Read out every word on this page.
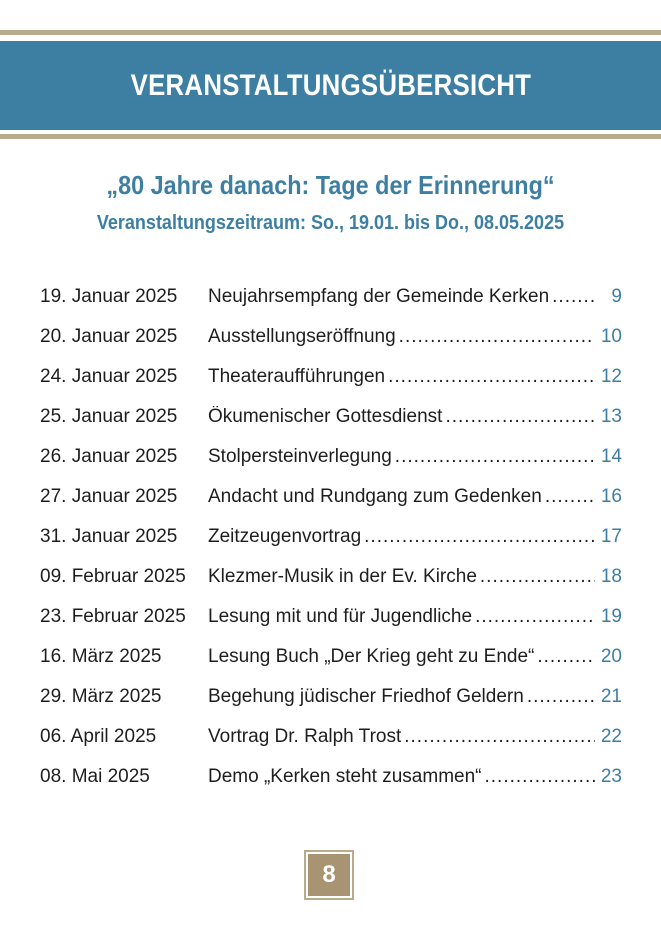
VERANSTALTUNGSÜBERSICHT
„80 Jahre danach: Tage der Erinnerung“
Veranstaltungszeitraum: So., 19.01. bis Do., 08.05.2025
19. Januar 2025	Neujahrsempfang der Gemeinde Kerken .....	9
20. Januar 2025	Ausstellungseröffnung .....	10
24. Januar 2025	Theateraufführungen .....	12
25. Januar 2025	Ökumenischer Gottesdienst .....	13
26. Januar 2025	Stolpersteinverlegung .....	14
27. Januar 2025	Andacht und Rundgang zum Gedenken .....	16
31. Januar 2025	Zeitzeugenvortrag .....	17
09. Februar 2025	Klezmer-Musik in der Ev. Kirche .....	18
23. Februar 2025	Lesung mit und für Jugendliche .....	19
16. März 2025	Lesung Buch „Der Krieg geht zu Ende“ .....	20
29. März 2025	Begehung jüdischer Friedhof Geldern .....	21
06. April 2025	Vortrag Dr. Ralph Trost .....	22
08. Mai 2025	Demo „Kerken steht zusammen“ .....	23
8
